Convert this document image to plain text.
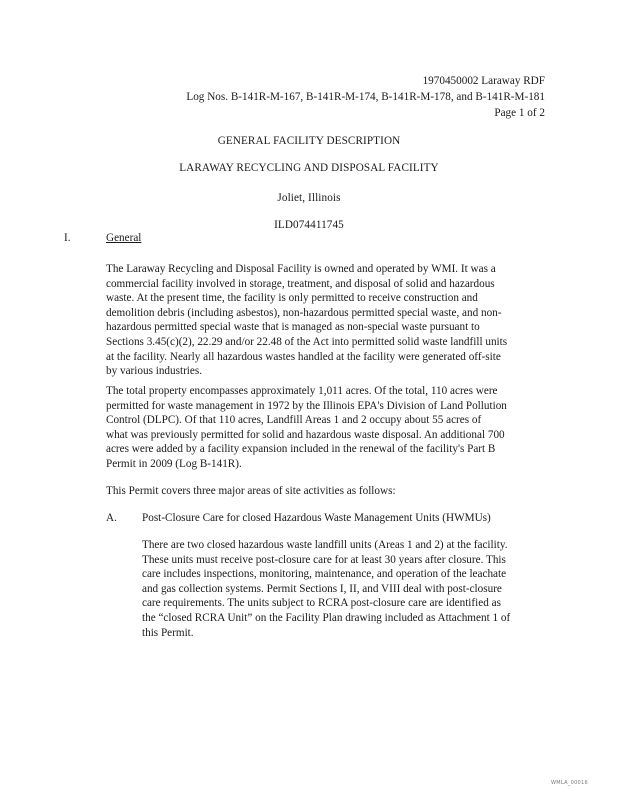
1970450002 Laraway RDF
Log Nos. B-141R-M-167, B-141R-M-174, B-141R-M-178, and B-141R-M-181
Page 1 of 2
GENERAL FACILITY DESCRIPTION
LARAWAY RECYCLING AND DISPOSAL FACILITY
Joliet, Illinois
ILD074411745
I.	General
The Laraway Recycling and Disposal Facility is owned and operated by WMI. It was a
commercial facility involved in storage, treatment, and disposal of solid and hazardous
waste. At the present time, the facility is only permitted to receive construction and
demolition debris (including asbestos), non-hazardous permitted special waste, and non-
hazardous permitted special waste that is managed as non-special waste pursuant to
Sections 3.45(c)(2), 22.29 and/or 22.48 of the Act into permitted solid waste landfill units
at the facility. Nearly all hazardous wastes handled at the facility were generated off-site
by various industries.
The total property encompasses approximately 1,011 acres. Of the total, 110 acres were
permitted for waste management in 1972 by the Illinois EPA's Division of Land Pollution
Control (DLPC). Of that 110 acres, Landfill Areas 1 and 2 occupy about 55 acres of
what was previously permitted for solid and hazardous waste disposal. An additional 700
acres were added by a facility expansion included in the renewal of the facility's Part B
Permit in 2009 (Log B-141R).
This Permit covers three major areas of site activities as follows:
A. Post-Closure Care for closed Hazardous Waste Management Units (HWMUs)
There are two closed hazardous waste landfill units (Areas 1 and 2) at the facility.
These units must receive post-closure care for at least 30 years after closure. This
care includes inspections, monitoring, maintenance, and operation of the leachate
and gas collection systems. Permit Sections I, II, and VIII deal with post-closure
care requirements. The units subject to RCRA post-closure care are identified as
the “closed RCRA Unit” on the Facility Plan drawing included as Attachment 1 of
this Permit.
WMLA_00016
